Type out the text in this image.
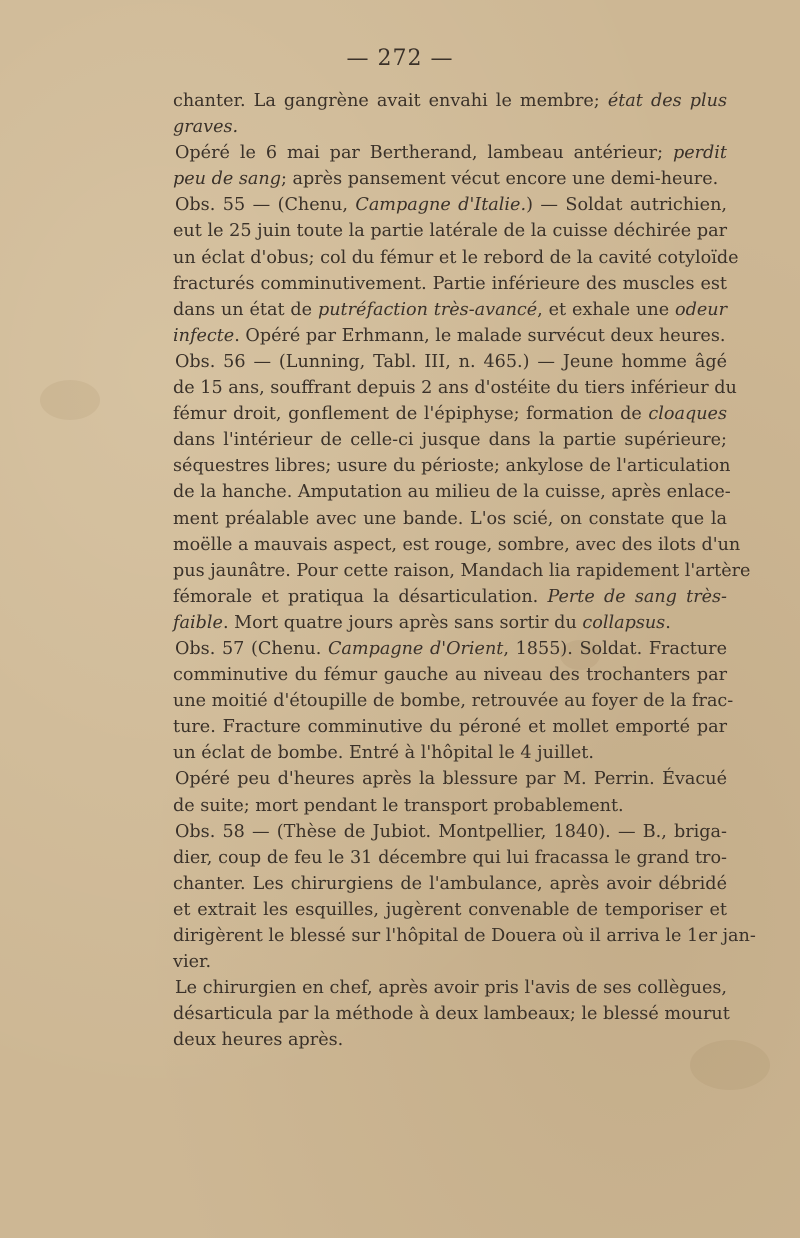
— 272 —
chanter. La gangrène avait envahi le membre; état des plus
graves.
Opéré le 6 mai par Bertherand, lambeau antérieur; perdit
peu de sang; après pansement vécut encore une demi-heure.
Obs. 55 — (Chenu, Campagne d'Italie.) — Soldat autrichien,
eut le 25 juin toute la partie latérale de la cuisse déchirée par
un éclat d'obus; col du fémur et le rebord de la cavité cotyloïde
fracturés comminutivement. Partie inférieure des muscles est
dans un état de putréfaction très-avancé, et exhale une odeur
infecte. Opéré par Erhmann, le malade survécut deux heures.
Obs. 56 — (Lunning, Tabl. III, n. 465.) — Jeune homme âgé
de 15 ans, souffrant depuis 2 ans d'ostéite du tiers inférieur du
fémur droit, gonflement de l'épiphyse; formation de cloaques
dans l'intérieur de celle-ci jusque dans la partie supérieure;
séquestres libres; usure du périoste; ankylose de l'articulation
de la hanche. Amputation au milieu de la cuisse, après enlace-
ment préalable avec une bande. L'os scié, on constate que la
moëlle a mauvais aspect, est rouge, sombre, avec des ilots d'un
pus jaunâtre. Pour cette raison, Mandach lia rapidement l'artère
fémorale et pratiqua la désarticulation. Perte de sang très-
faible. Mort quatre jours après sans sortir du collapsus.
Obs. 57 (Chenu. Campagne d'Orient, 1855). Soldat. Fracture
comminutive du fémur gauche au niveau des trochanters par
une moitié d'étoupille de bombe, retrouvée au foyer de la frac-
ture. Fracture comminutive du péroné et mollet emporté par
un éclat de bombe. Entré à l'hôpital le 4 juillet.
Opéré peu d'heures après la blessure par M. Perrin. Évacué
de suite; mort pendant le transport probablement.
Obs. 58 — (Thèse de Jubiot. Montpellier, 1840). — B., briga-
dier, coup de feu le 31 décembre qui lui fracassa le grand tro-
chanter. Les chirurgiens de l'ambulance, après avoir débridé
et extrait les esquilles, jugèrent convenable de temporiser et
dirigèrent le blessé sur l'hôpital de Douera où il arriva le 1er jan-
vier.
Le chirurgien en chef, après avoir pris l'avis de ses collègues,
désarticula par la méthode à deux lambeaux; le blessé mourut
deux heures après.
